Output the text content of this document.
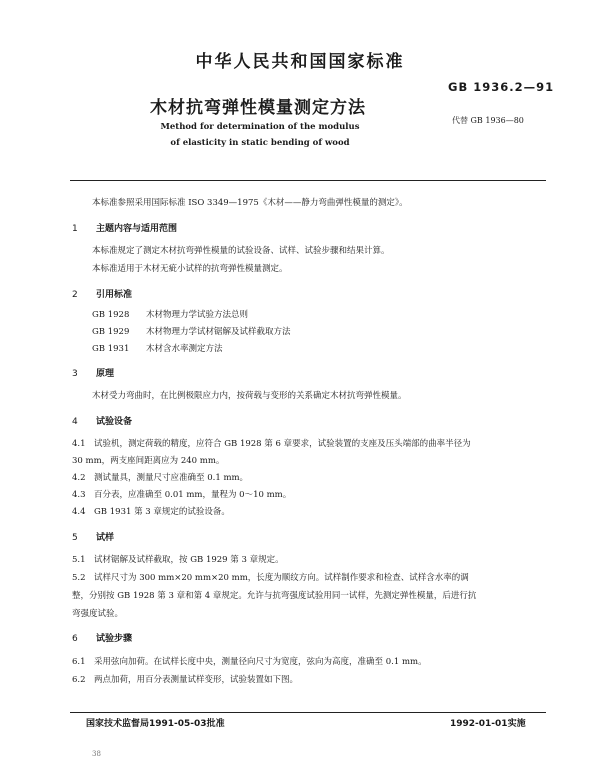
中华人民共和国国家标准
GB 1936.2—91
木材抗弯弹性模量测定方法
代替 GB 1936—80
Method for determination of the modulus
of elasticity in static bending of wood
本标准参照采用国际标准 ISO 3349—1975《木材——静力弯曲弹性模量的测定》。
1 主题内容与适用范围
本标准规定了测定木材抗弯弹性模量的试验设备、试样、试验步骤和结果计算。
本标准适用于木材无疵小试样的抗弯弹性模量测定。
2 引用标准
GB 1928 木材物理力学试验方法总则
GB 1929 木材物理力学试材锯解及试样截取方法
GB 1931 木材含水率测定方法
3 原理
木材受力弯曲时，在比例极限应力内，按荷载与变形的关系确定木材抗弯弹性模量。
4 试验设备
4.1　试验机，测定荷载的精度，应符合 GB 1928 第 6 章要求，试验装置的支座及压头端部的曲率半径为
30 mm，两支座间距离应为 240 mm。
4.2　测试量具，测量尺寸应准确至 0.1 mm。
4.3　百分表，应准确至 0.01 mm，量程为 0～10 mm。
4.4　GB 1931 第 3 章规定的试验设备。
5 试样
5.1　试材锯解及试样截取，按 GB 1929 第 3 章规定。
5.2　试样尺寸为 300 mm×20 mm×20 mm，长度为顺纹方向。试样制作要求和检查、试样含水率的调
整，分别按 GB 1928 第 3 章和第 4 章规定。允许与抗弯强度试验用同一试样，先测定弹性模量，后进行抗
弯强度试验。
6 试验步骤
6.1　采用弦向加荷。在试样长度中央，测量径向尺寸为宽度，弦向为高度，准确至 0.1 mm。
6.2　两点加荷，用百分表测量试样变形，试验装置如下图。
国家技术监督局1991-05-03批准	1992-01-01实施
38
